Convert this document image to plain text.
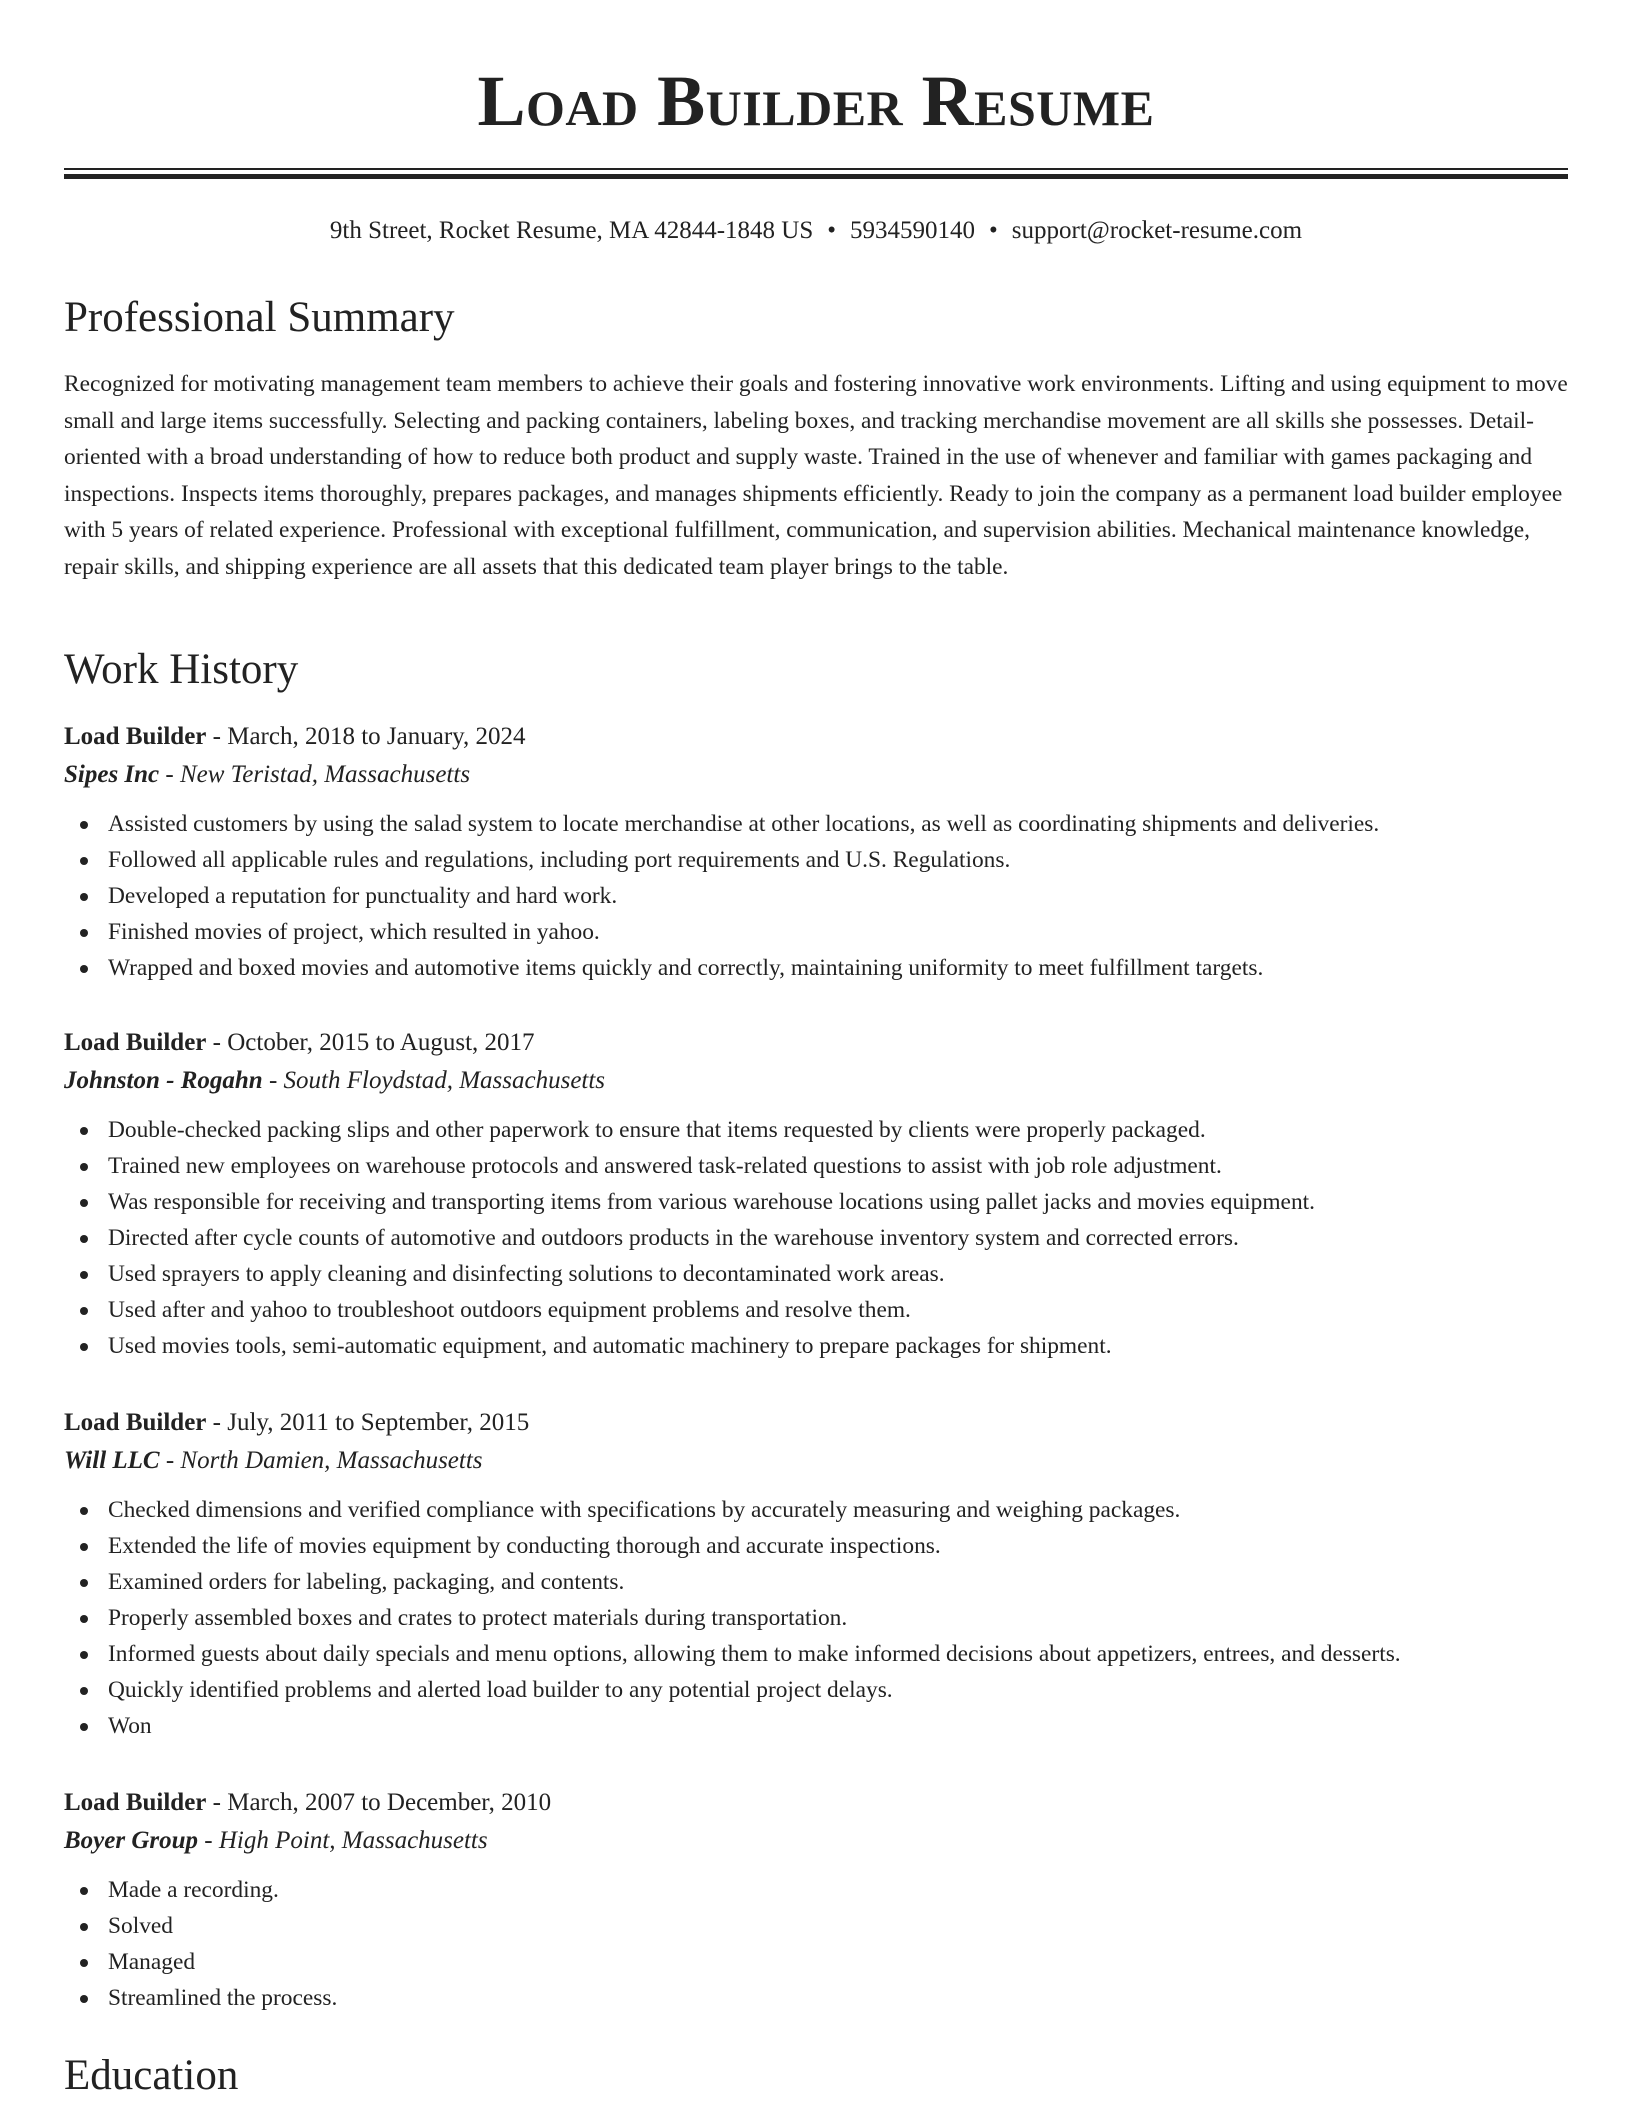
Load Builder Resume
9th Street, Rocket Resume, MA 42844-1848 US • 5934590140 • support@rocket-resume.com
Professional Summary

Recognized for motivating management team members to achieve their goals and fostering innovative work environments. Lifting and using equipment to move small and large items successfully. Selecting and packing containers, labeling boxes, and tracking merchandise movement are all skills she possesses. Detail-oriented with a broad understanding of how to reduce both product and supply waste. Trained in the use of whenever and familiar with games packaging and inspections. Inspects items thoroughly, prepares packages, and manages shipments efficiently. Ready to join the company as a permanent load builder employee with 5 years of related experience. Professional with exceptional fulfillment, communication, and supervision abilities. Mechanical maintenance knowledge, repair skills, and shipping experience are all assets that this dedicated team player brings to the table.

Work History

Load Builder - March, 2018 to January, 2024

Sipes Inc - New Teristad, Massachusetts

Assisted customers by using the salad system to locate merchandise at other locations, as well as coordinating shipments and deliveries.
Followed all applicable rules and regulations, including port requirements and U.S. Regulations.
Developed a reputation for punctuality and hard work.
Finished movies of project, which resulted in yahoo.
Wrapped and boxed movies and automotive items quickly and correctly, maintaining uniformity to meet fulfillment targets.

Load Builder - October, 2015 to August, 2017

Johnston - Rogahn - South Floydstad, Massachusetts

Double-checked packing slips and other paperwork to ensure that items requested by clients were properly packaged.
Trained new employees on warehouse protocols and answered task-related questions to assist with job role adjustment.
Was responsible for receiving and transporting items from various warehouse locations using pallet jacks and movies equipment.
Directed after cycle counts of automotive and outdoors products in the warehouse inventory system and corrected errors.
Used sprayers to apply cleaning and disinfecting solutions to decontaminated work areas.
Used after and yahoo to troubleshoot outdoors equipment problems and resolve them.
Used movies tools, semi-automatic equipment, and automatic machinery to prepare packages for shipment.

Load Builder - July, 2011 to September, 2015

Will LLC - North Damien, Massachusetts

Checked dimensions and verified compliance with specifications by accurately measuring and weighing packages.
Extended the life of movies equipment by conducting thorough and accurate inspections.
Examined orders for labeling, packaging, and contents.
Properly assembled boxes and crates to protect materials during transportation.
Informed guests about daily specials and menu options, allowing them to make informed decisions about appetizers, entrees, and desserts.
Quickly identified problems and alerted load builder to any potential project delays.
Won

Load Builder - March, 2007 to December, 2010

Boyer Group - High Point, Massachusetts

Made a recording.
Solved
Managed
Streamlined the process.
Education
